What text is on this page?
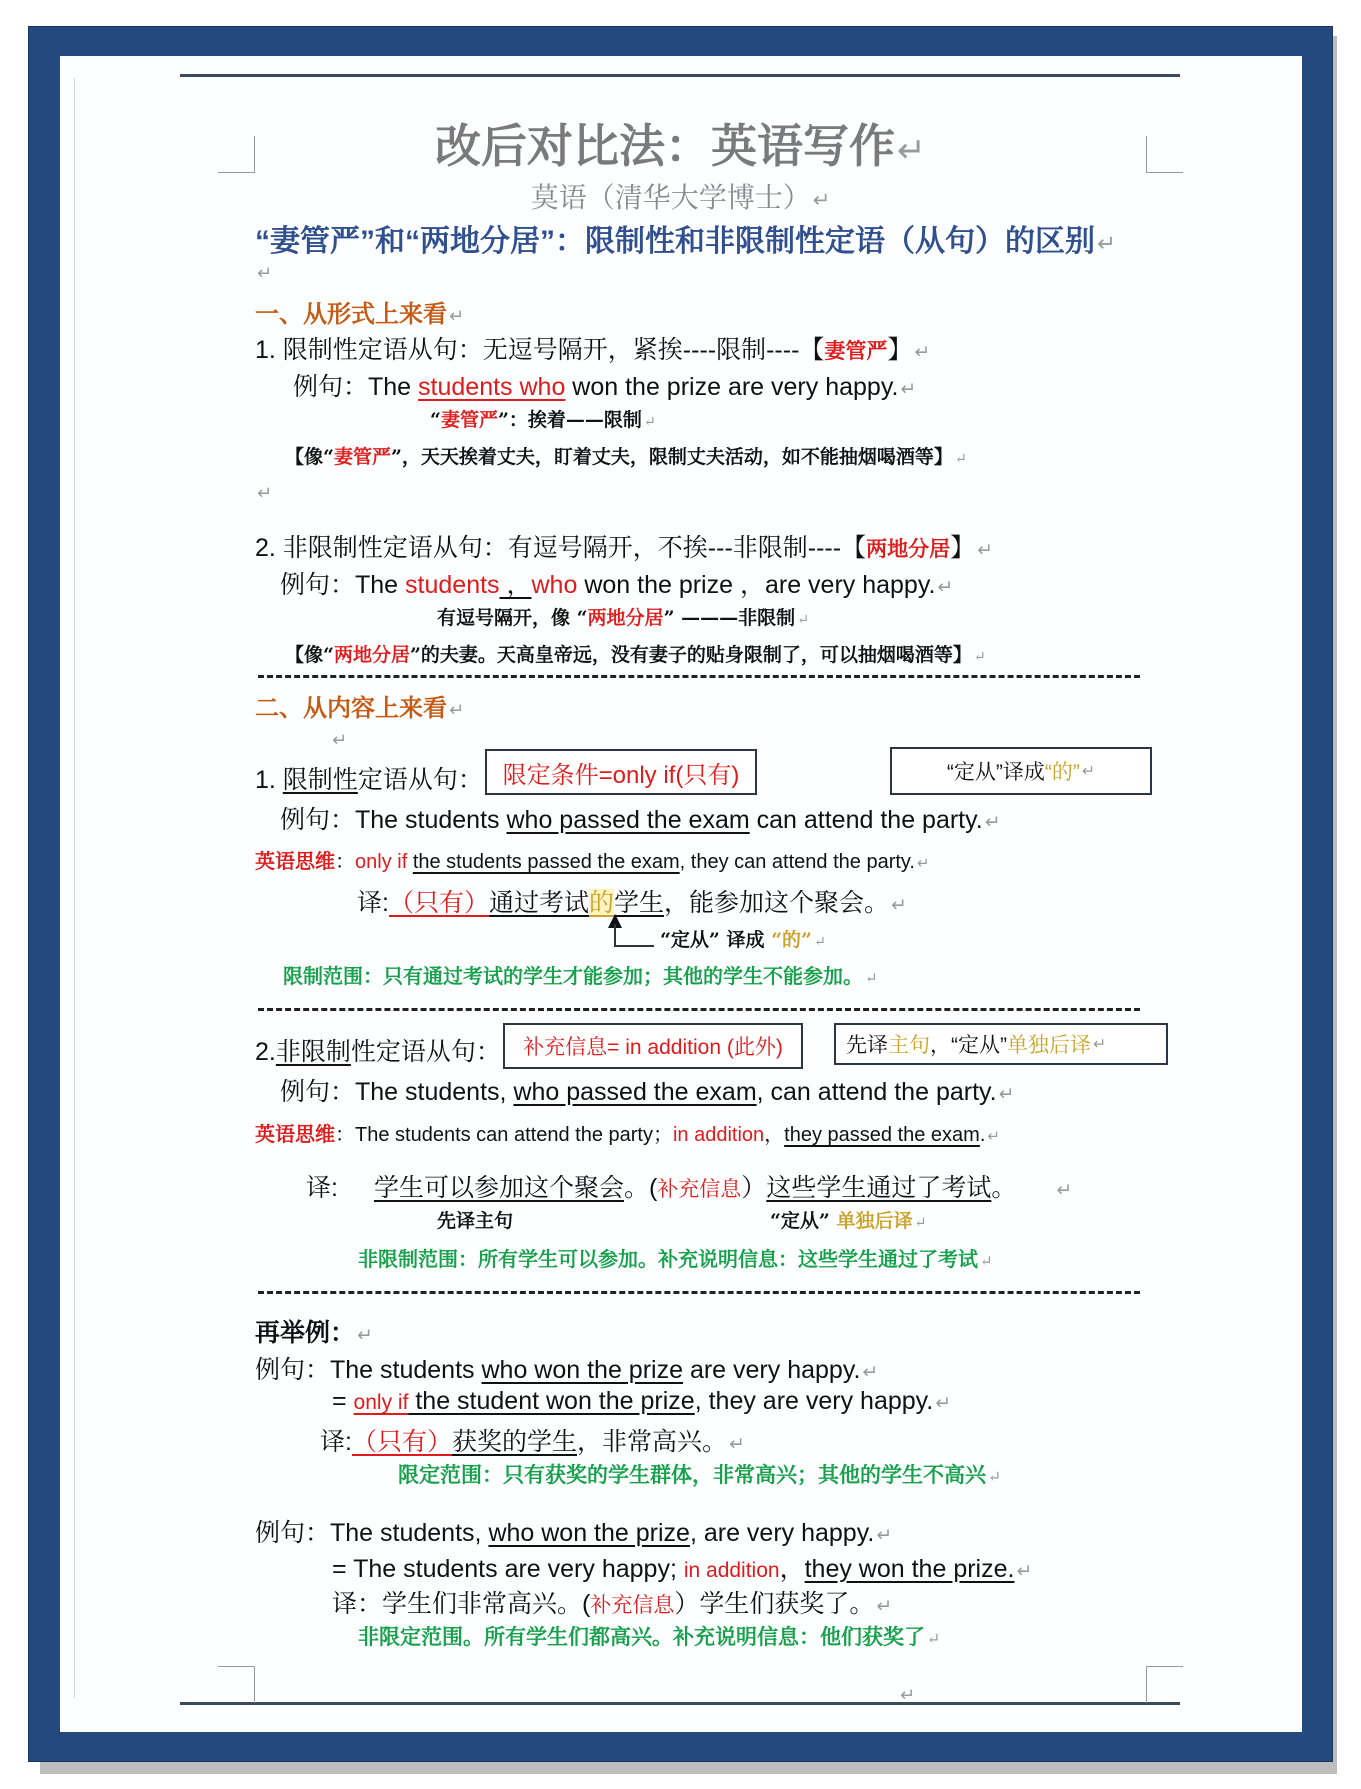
改后对比法：英语写作↵
莫语（清华大学博士）↵
“妻管严”和“两地分居”：限制性和非限制性定语（从句）的区别↵
↵
一、从形式上来看 ↵
1. 限制性定语从句：无逗号隔开，紧挨----限制----【妻管严】 ↵
例句：The students who won the prize are very happy. ↵
“妻管严”：挨着——限制 ↵
【像“妻管严”，天天挨着丈夫，盯着丈夫，限制丈夫活动，如不能抽烟喝酒等】 ↵
↵
2. 非限制性定语从句：有逗号隔开，不挨---非限制----【两地分居】 ↵
例句：The students ，who won the prize ，are very happy. ↵
有逗号隔开，像 “两地分居” ———非限制 ↵
【像“两地分居”的夫妻。天高皇帝远，没有妻子的贴身限制了，可以抽烟喝酒等】 ↵
二、从内容上来看 ↵
↵
1. 限制性定语从句： 限定条件=only if(只有)	“定从”译成 “的” ↵
例句：The students who passed the exam can attend the party. ↵
英语思维：only if the students passed the exam, they can attend the party. ↵
译:（只有）通过考试的学生，能参加这个聚会。 ↵
“定从” 译成 “的” ↵
限制范围：只有通过考试的学生才能参加；其他的学生不能参加。 ↵
2.非限制性定语从句： 补充信息= in addition (此外)	先译 主句 ，“定从” 单独后译 ↵
例句：The students, who passed the exam, can attend the party. ↵
英语思维：The students can attend the party；in addition，they passed the exam. ↵
译: 学生可以参加这个聚会。(补充信息）这些学生通过了考试。 ↵
先译主句	“定从” 单独后译 ↵
非限制范围：所有学生可以参加。补充说明信息：这些学生通过了考试 ↵
再举例： ↵
例句：The students who won the prize are very happy. ↵
= only if the student won the prize, they are very happy. ↵
译:（只有）获奖的学生，非常高兴。 ↵
限定范围：只有获奖的学生群体，非常高兴；其他的学生不高兴 ↵
例句：The students, who won the prize, are very happy. ↵
= The students are very happy; in addition，they won the prize. ↵
译：学生们非常高兴。(补充信息）学生们获奖了。 ↵
非限定范围。所有学生们都高兴。补充说明信息：他们获奖了 ↵
↵
